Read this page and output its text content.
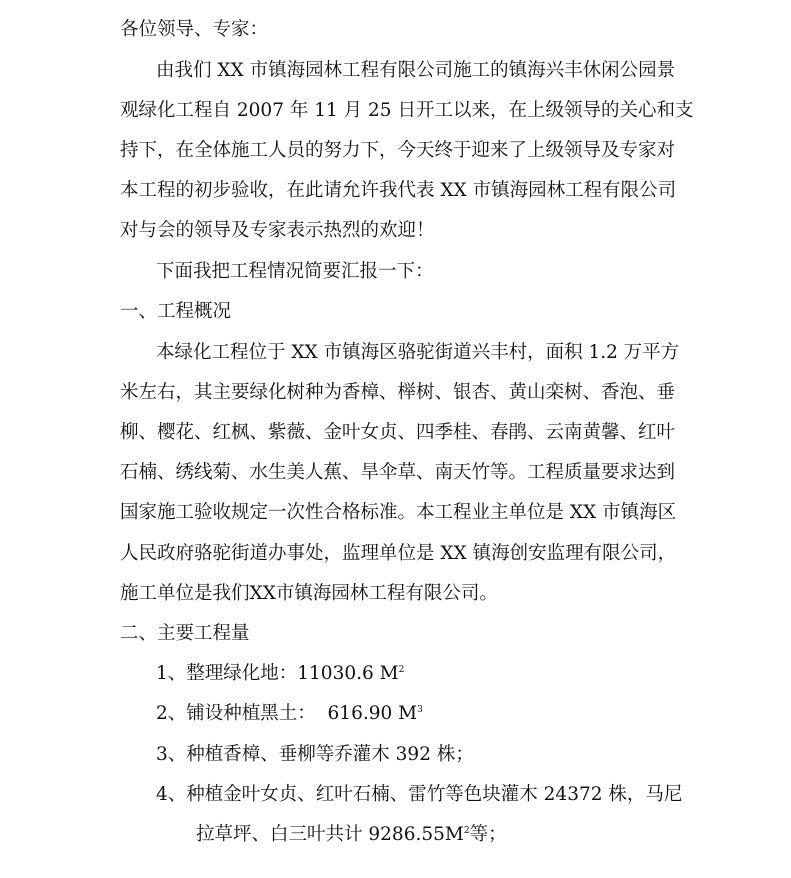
各位领导、专家：
由我们 XX 市镇海园林工程有限公司施工的镇海兴丰休闲公园景
观绿化工程自 2007 年 11 月 25 日开工以来，在上级领导的关心和支
持下，在全体施工人员的努力下，今天终于迎来了上级领导及专家对
本工程的初步验收，在此请允许我代表 XX 市镇海园林工程有限公司
对与会的领导及专家表示热烈的欢迎！
下面我把工程情况简要汇报一下：
一、工程概况
本绿化工程位于 XX 市镇海区骆驼街道兴丰村，面积 1.2 万平方
米左右，其主要绿化树种为香樟、榉树、银杏、黄山栾树、香泡、垂
柳、樱花、红枫、紫薇、金叶女贞、四季桂、春鹃、云南黄馨、红叶
石楠、绣线菊、水生美人蕉、旱伞草、南天竹等。工程质量要求达到
国家施工验收规定一次性合格标准。本工程业主单位是 XX 市镇海区
人民政府骆驼街道办事处，监理单位是 XX 镇海创安监理有限公司，
施工单位是我们XX市镇海园林工程有限公司。
二、主要工程量
1、整理绿化地：11030.6 $M^2$
2、铺设种植黑土：  616.90 $M^3$
3、种植香樟、垂柳等乔灌木 392 株；
4、种植金叶女贞、红叶石楠、雷竹等色块灌木 24372 株，马尼
拉草坪、白三叶共计 $9286.55M^2$等；
